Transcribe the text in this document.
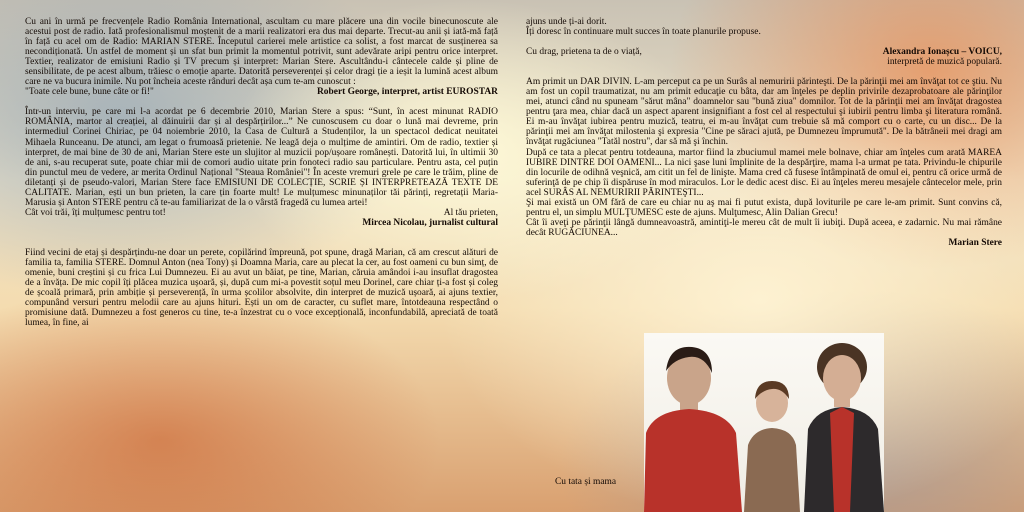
Cu ani în urmă pe frecvențele Radio România International, ascultam cu mare plăcere una din vocile binecunoscute ale acestui post de radio. Iată profesionalismul moștenit de a marii realizatori era dus mai departe. Trecut-au anii și iată-mă față în față cu acel om de Radio: MARIAN STERE. Începutul carierei mele artistice ca solist, a fost marcat de susținerea sa necondiționată. Un astfel de moment și un sfat bun primit la momentul potrivit, sunt adevărate aripi pentru orice interpret. Textier, realizator de emisiuni Radio și TV precum și interpret: Marian Stere. Ascultându-i cântecele calde și pline de sensibilitate, de pe acest album, trăiesc o emoție aparte. Datorită perseverenței și celor dragi ție a ieșit la lumină acest album care ne va bucura inimile. Nu pot încheia aceste rânduri decât așa cum te-am cunoscut :

"Toate cele bune, bune câte or fi!"	Robert George, interpret, artist EUROSTAR

Într-un interviu, pe care mi l-a acordat pe 6 decembrie 2010, Marian Stere a spus: “Sunt, în acest minunat RADIO ROMÂNIA, martor al creației, al dăinuirii dar și al despărțirilor...” Ne cunoscusem cu doar o lună mai devreme, prin intermediul Corinei Chiriac, pe 04 noiembrie 2010, la Casa de Cultură a Studenților, la un spectacol dedicat neuitatei Mihaela Runceanu. De atunci, am legat o frumoasă prietenie. Ne leagă deja o mulțime de amintiri. Om de radio, textier și interpret, de mai bine de 30 de ani, Marian Stere este un slujitor al muzicii pop/ușoare românești. Datorită lui, în ultimii 30 de ani, s-au recuperat sute, poate chiar mii de comori audio uitate prin fonoteci radio sau particulare. Pentru asta, cel puțin din punctul meu de vedere, ar merita Ordinul Național "Steaua României"! În aceste vremuri grele pe care le trăim, pline de diletanți și de pseudo-valori, Marian Stere face EMISIUNI DE COLECȚIE, SCRIE ȘI INTERPRETEAZĂ TEXTE DE CALITATE. Marian, ești un bun prieten, la care țin foarte mult! Le mulțumesc minunaților tăi părinți, regretații Maria-Marusia și Anton STERE pentru că te-au familiarizat de la o vârstă fragedă cu lumea artei!

Cât voi trăi, îți mulțumesc pentru tot!	Al tău prieten,
Mircea Nicolau, jurnalist cultural

Fiind vecini de etaj și despărțindu-ne doar un perete, copilărind împreună, pot spune, dragă Marian, că am crescut alături de familia ta, familia STERE. Domnul Anton (nea Tony) și Doamna Maria, care au plecat la cer, au fost oameni cu bun simț, de omenie, buni creștini și cu frica Lui Dumnezeu. Ei au avut un băiat, pe tine, Marian, căruia amândoi i-au insuflat dragostea de a învăța. De mic copil îți plăcea muzica ușoară, și, după cum mi-a povestit soțul meu Dorinel, care chiar ți-a fost și coleg de școală primară, prin ambiție și perseverență, în urma școlilor absolvite, din interpret de muzică ușoară, ai ajuns textier, compunând versuri pentru melodii care au ajuns hituri. Ești un om de caracter, cu suflet mare, întotdeauna respectând o promisiune dată. Dumnezeu a fost generos cu tine, te-a înzestrat cu o voce excepțională, inconfundabilă, apreciată de toată lumea, în fine, ai

ajuns unde ți-ai dorit.

Îți doresc în continuare mult succes în toate planurile propuse.

Cu drag, prietena ta de o viață,	Alexandra Ionașcu – VOICU,
interpretă de muzică populară.

Am primit un DAR DIVIN. L-am perceput ca pe un Surâs al nemuririi părinteşti. De la părinţii mei am învăţat tot ce ştiu. Nu am fost un copil traumatizat, nu am primit educaţie cu bâta, dar am înţeles pe deplin privirile dezaprobatoare ale părinţilor mei, atunci când nu spuneam "sărut mâna" doamnelor sau "bună ziua" domnilor. Tot de la părinţii mei am învăţat dragostea pentru ţara mea, chiar dacă un aspect aparent insignifiant a fost cel al respectului şi iubirii pentru limba şi literatura română. Ei m-au învăţat iubirea pentru muzică, teatru, ei m-au învăţat cum trebuie să mă comport cu o carte, cu un disc... De la părinţii mei am învăţat milostenia şi expresia "Cine pe săraci ajută, pe Dumnezeu împrumută". De la bătrâneii mei dragi am învăţat rugăciunea "Tatăl nostru", dar să mă şi închin.

După ce tata a plecat pentru totdeauna, martor fiind la zbuciumul mamei mele bolnave, chiar am înţeles cum arată MAREA IUBIRE DINTRE DOI OAMENI... La nici şase luni împlinite de la despărţire, mama l-a urmat pe tata. Privindu-le chipurile din locurile de odihnă veşnică, am citit un fel de linişte. Mama cred că fusese întâmpinată de omul ei, pentru că orice urmă de suferinţă de pe chip îi dispăruse în mod miraculos. Lor le dedic acest disc. Ei au înţeles mereu mesajele cântecelor mele, prin acel SURÂS AL NEMURIRII PĂRINTEŞTI...

Şi mai există un OM fără de care eu chiar nu aş mai fi putut exista, după loviturile pe care le-am primit. Sunt convins că, pentru el, un simplu MULŢUMESC este de ajuns. Mulţumesc, Alin Dalian Grecu!

Cât îi aveţi pe părinţii lângă dumneavoastră, amintiţi-le mereu cât de mult îi iubiţi. După aceea, e zadarnic. Nu mai rămâne decât RUGĂCIUNEA...

Marian Stere
Cu tata și mama
